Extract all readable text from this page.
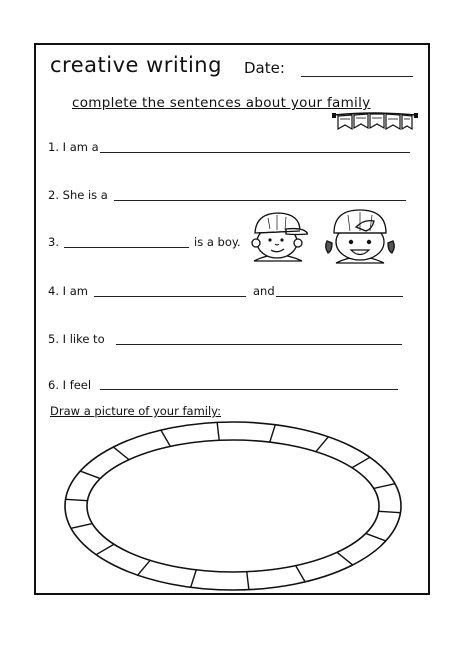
creative writing Date:
complete the sentences about your family
1. I am a
2. She is a
3.	is a boy.
4. I am	and
5. I like to
6. I feel
Draw a picture of your family:
